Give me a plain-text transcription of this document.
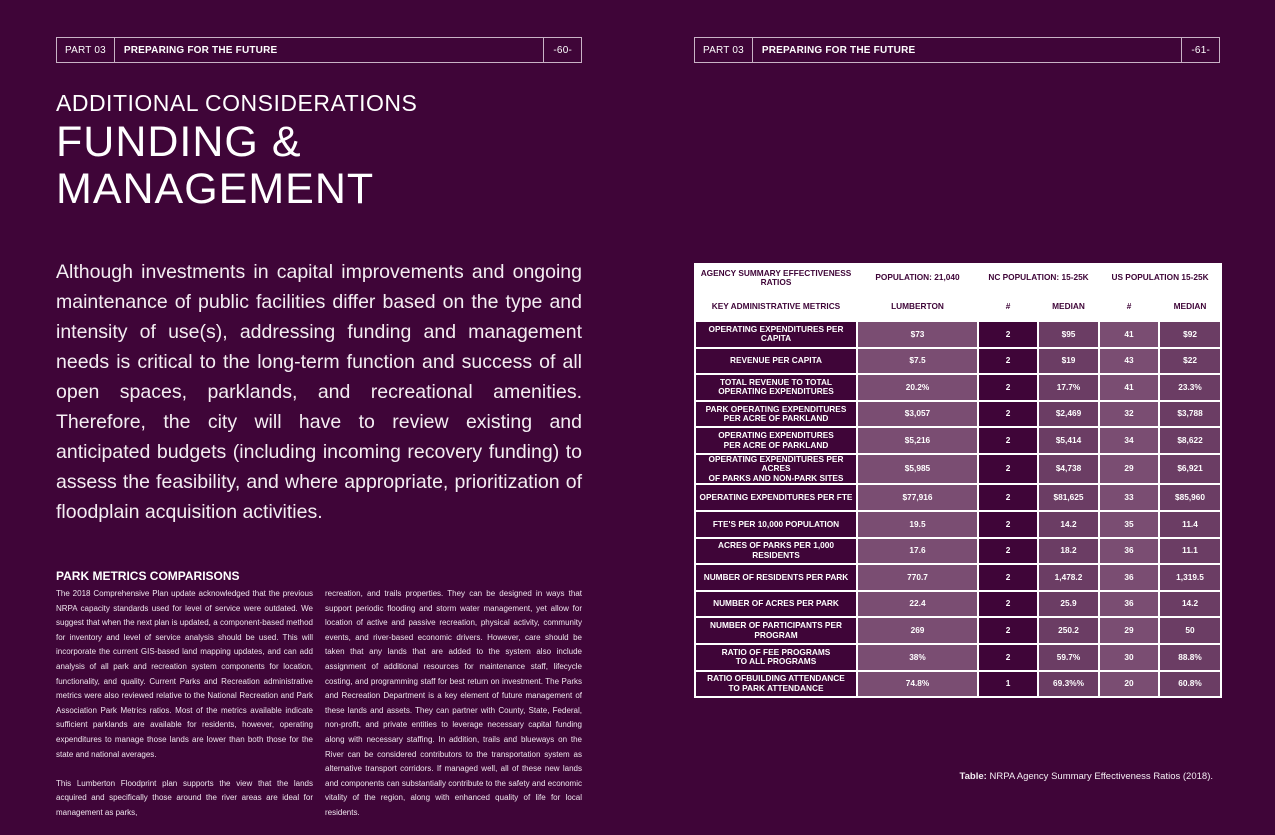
PART 03	PREPARING FOR THE FUTURE	-60-	PART 03	PREPARING FOR THE FUTURE	-61-
ADDITIONAL CONSIDERATIONS
FUNDING &
MANAGEMENT
Although investments in capital improvements and ongoing maintenance of public facilities differ based on the type and intensity of use(s), addressing funding and management needs is critical to the long-term function and success of all open spaces, parklands, and recreational amenities. Therefore, the city will have to review existing and anticipated budgets (including incoming recovery funding) to assess the feasibility, and where appropriate, prioritization of floodplain acquisition activities.
PARK METRICS COMPARISONS

The 2018 Comprehensive Plan update acknowledged that the previous NRPA capacity standards used for level of service were outdated. We suggest that when the next plan is updated, a component-based method for inventory and level of service analysis should be used. This will incorporate the current GIS-based land mapping updates, and can add analysis of all park and recreation system components for location, functionality, and quality. Current Parks and Recreation administrative metrics were also reviewed relative to the National Recreation and Park Association Park Metrics ratios. Most of the metrics available indicate sufficient parklands are available for residents, however, operating expenditures to manage those lands are lower than both those for the state and national averages.

This Lumberton Floodprint plan supports the view that the lands acquired and specifically those around the river areas are ideal for management as parks,

recreation, and trails properties. They can be designed in ways that support periodic flooding and storm water management, yet allow for location of active and passive recreation, physical activity, community events, and river-based economic drivers. However, care should be taken that any lands that are added to the system also include assignment of additional resources for maintenance staff, lifecycle costing, and programming staff for best return on investment. The Parks and Recreation Department is a key element of future management of these lands and assets. They can partner with County, State, Federal, non-profit, and private entities to leverage necessary capital funding along with necessary staffing. In addition, trails and blueways on the River can be considered contributors to the transportation system as alternative transport corridors. If managed well, all of these new lands and components can substantially contribute to the safety and economic vitality of the region, along with enhanced quality of life for local residents.

AGENCY SUMMARY EFFECTIVENESS RATIOS	POPULATION: 21,040	NC POPULATION: 15-25K		US POPULATION 15-25K	
KEY ADMINISTRATIVE METRICS	LUMBERTON	#	MEDIAN	#	MEDIAN
OPERATING EXPENDITURES PER CAPITA	$73	2	$95	41	$92
REVENUE PER CAPITA	$7.5	2	$19	43	$22
TOTAL REVENUE TO TOTAL
OPERATING EXPENDITURES	20.2%	2	17.7%	41	23.3%
PARK OPERATING EXPENDITURES
PER ACRE OF PARKLAND	$3,057	2	$2,469	32	$3,788
OPERATING EXPENDITURES
PER ACRE OF PARKLAND	$5,216	2	$5,414	34	$8,622
OPERATING EXPENDITURES PER ACRES
OF PARKS AND NON-PARK SITES	$5,985	2	$4,738	29	$6,921
OPERATING EXPENDITURES PER FTE	$77,916	2	$81,625	33	$85,960
FTE'S PER 10,000 POPULATION	19.5	2	14.2	35	11.4
ACRES OF PARKS PER 1,000 RESIDENTS	17.6	2	18.2	36	11.1
NUMBER OF RESIDENTS PER PARK	770.7	2	1,478.2	36	1,319.5
NUMBER OF ACRES PER PARK	22.4	2	25.9	36	14.2
NUMBER OF PARTICIPANTS PER PROGRAM	269	2	250.2	29	50
RATIO OF FEE PROGRAMS
TO ALL PROGRAMS	38%	2	59.7%	30	88.8%
RATIO OFBUILDING ATTENDANCE
TO PARK ATTENDANCE	74.8%	1	69.3%%	20	60.8%
Table: NRPA Agency Summary Effectiveness Ratios (2018).
